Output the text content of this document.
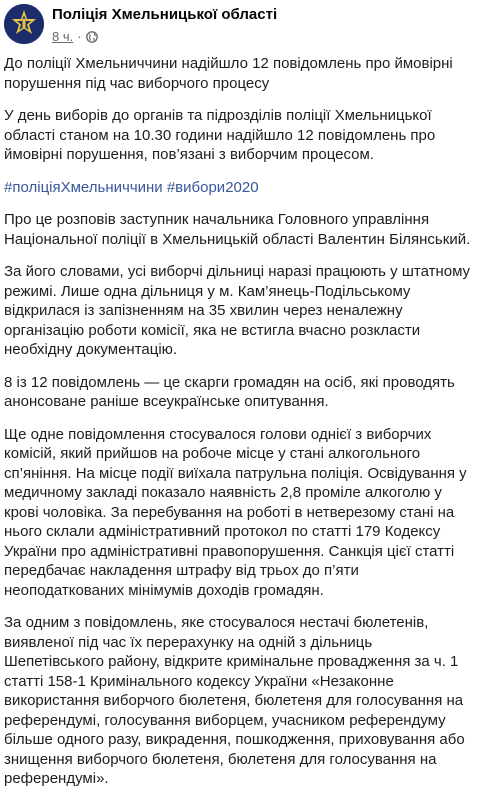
Поліція Хмельницької області
8 ч. ·

До поліції Хмельниччини надійшло 12 повідомлень про ймовірні порушення під час виборчого процесу

У день виборів до органів та підрозділів поліції Хмельницької області станом на 10.30 години надійшло 12 повідомлень про ймовірні порушення, пов’язані з виборчим процесом.

#поліціяХмельниччини #вибори2020

Про це розповів заступник начальника Головного управління Національної поліції в Хмельницькій області Валентин Білянський.

За його словами, усі виборчі дільниці наразі працюють у штатному режимі. Лише одна дільниця у м. Кам’янець-Подільському відкрилася із запізненням на 35 хвилин через неналежну організацію роботи комісії, яка не встигла вчасно розкласти необхідну документацію.

8 із 12 повідомлень — це скарги громадян на осіб, які проводять анонсоване раніше всеукраїнське опитування.

Ще одне повідомлення стосувалося голови однієї з виборчих комісій, який прийшов на робоче місце у стані алкогольного сп’яніння. На місце події виїхала патрульна поліція. Освідування у медичному закладі показало наявність 2,8 проміле алкоголю у крові чоловіка. За перебування на роботі в нетверезому стані на нього склали адміністративний протокол по статті 179 Кодексу України про адміністративні правопорушення. Санкція цієї статті передбачає накладення штрафу від трьох до п’яти неоподаткованих мінімумів доходів громадян.

За одним з повідомлень, яке стосувалося нестачі бюлетенів, виявленої під час їх перерахунку на одній з дільниць Шепетівського району, відкрите кримінальне провадження за ч. 1 статті 158-1 Кримінального кодексу України «Незаконне використання виборчого бюлетеня, бюлетеня для голосування на референдумі, голосування виборцем, учасником референдуму більше одного разу, викрадення, пошкодження, приховування або знищення виборчого бюлетеня, бюлетеня для голосування на референдумі».
